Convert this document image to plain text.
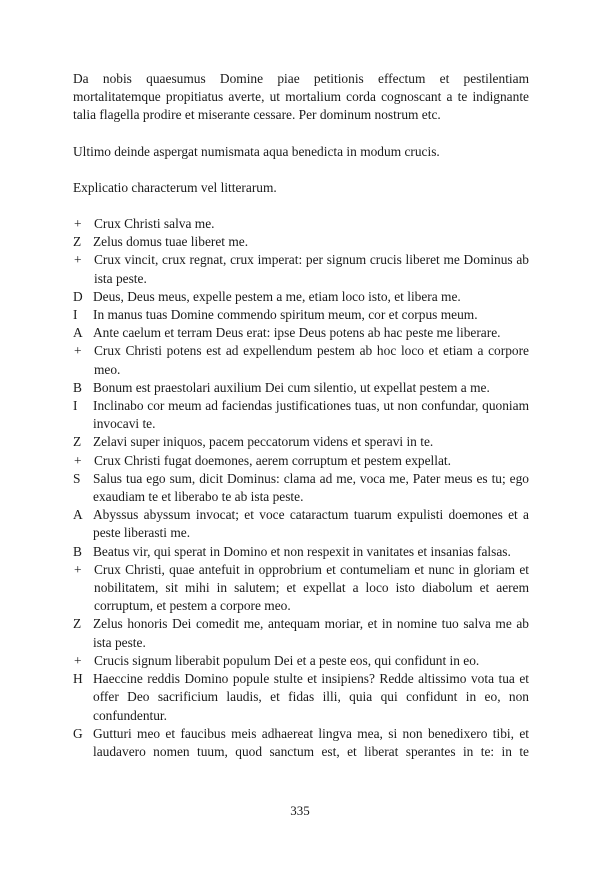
Da nobis quaesumus Domine piae petitionis effectum et pestilentiam mortalitatemque propitiatus averte, ut mortalium corda cognoscant a te indignante talia flagella prodire et miserante cessare. Per dominum nostrum etc.

Ultimo deinde aspergat numismata aqua benedicta in modum crucis.

Explicatio characterum vel litterarum.

+ Crux Christi salva me.
Z Zelus domus tuae liberet me.
+ Crux vincit, crux regnat, crux imperat: per signum crucis liberet me Dominus ab ista peste.
D Deus, Deus meus, expelle pestem a me, etiam loco isto, et libera me.
I	In manus tuas Domine commendo spiritum meum, cor et corpus meum.
A Ante caelum et terram Deus erat: ipse Deus potens ab hac peste me liberare.
+ Crux Christi potens est ad expellendum pestem ab hoc loco et etiam a corpore meo.
B Bonum est praestolari auxilium Dei cum silentio, ut expellat pestem a me.
I	Inclinabo cor meum ad faciendas justificationes tuas, ut non confundar, quoniam invocavi te.
Z Zelavi super iniquos, pacem peccatorum videns et speravi in te.
+ Crux Christi fugat doemones, aerem corruptum et pestem expellat.
S Salus tua ego sum, dicit Dominus: clama ad me, voca me, Pater meus es tu; ego exaudiam te et liberabo te ab ista peste.
A Abyssus abyssum invocat; et voce cataractum tuarum expulisti doemones et a peste liberasti me.
B Beatus vir, qui sperat in Domino et non respexit in vanitates et insanias falsas.
+ Crux Christi, quae antefuit in opprobrium et contumeliam et nunc in gloriam et nobilitatem, sit mihi in salutem; et expellat a loco isto diabolum et aerem corruptum, et pestem a corpore meo.
Z Zelus honoris Dei comedit me, antequam moriar, et in nomine tuo salva me ab ista peste.
+ Crucis signum liberabit populum Dei et a peste eos, qui confidunt in eo.
H Haeccine reddis Domino popule stulte et insipiens? Redde altissimo vota tua et offer Deo sacrificium laudis, et fidas illi, quia qui confidunt in eo, non confundentur.
G Gutturi meo et faucibus meis adhaereat lingva mea, si non benedixero tibi, et laudavero nomen tuum, quod sanctum est, et liberat sperantes in te: in te
335
